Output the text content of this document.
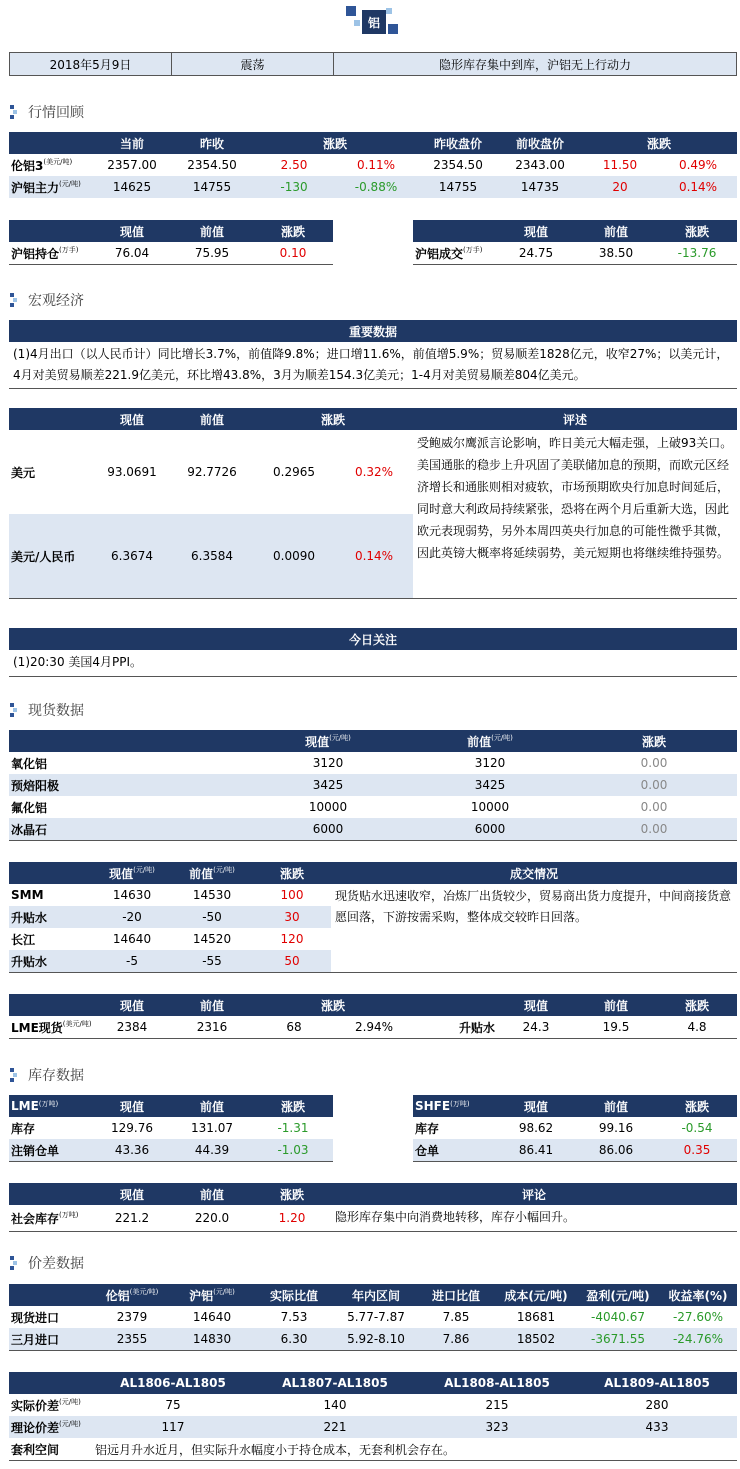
铝
2018年5月9日	震荡	隐形库存集中到库，沪铝无上行动力
行情回顾
	当前	昨收	涨跌		昨收盘价	前收盘价	涨跌	
伦铝$3^{(美元/吨)}$	2357.00	2354.50	2.50	0.11%	2354.50	2343.00	11.50	0.49%
沪铝主力$^{(元/吨)}$	14625	14755	-130	-0.88%	14755	14735	20	0.14%
	现值	前值	涨跌
沪铝持仓$^{(万手)}$	76.04	75.95	0.10
	现值	前值	涨跌
沪铝成交$^{(万手)}$	24.75	38.50	-13.76
宏观经济
重要数据
(1)4月出口（以人民币计）同比增长3.7%，前值降9.8%；进口增11.6%，前值增5.9%；贸易顺差1828亿元，收窄27%；以美元计，4月对美贸易顺差221.9亿美元，环比增43.8%，3月为顺差154.3亿美元；1-4月对美贸易顺差804亿美元。
	现值	前值	涨跌		评述
美元	93.0691	92.7726	0.2965	0.32%	受鲍威尔鹰派言论影响，昨日美元大幅走强，上破93关口。美国通胀的稳步上升巩固了美联储加息的预期，而欧元区经济增长和通胀则相对疲软，市场预期欧央行加息时间延后，同时意大利政局持续紧张，恐将在两个月后重新大选，因此欧元表现弱势，另外本周四英央行加息的可能性微乎其微，因此英镑大概率将延续弱势，美元短期也将继续维持强势。
美元/人民币	6.3674	6.3584	0.0090	0.14%	
今日关注
(1)20:30 美国4月PPI。
现货数据
	现值$^{(元/吨)}$	前值$^{(元/吨)}$	涨跌
氧化铝	3120	3120	0.00
预焙阳极	3425	3425	0.00
氟化铝	10000	10000	0.00
冰晶石	6000	6000	0.00
	现值$^{(元/吨)}$	前值$^{(元/吨)}$	涨跌	成交情况
SMM	14630	14530	100	现货贴水迅速收窄，冶炼厂出货较少，贸易商出货力度提升，中间商接货意愿回落，下游按需采购，整体成交较昨日回落。
升贴水	-20	-50	30	
长江	14640	14520	120	
升贴水	-5	-55	50	
	现值	前值	涨跌			现值	前值	涨跌
LME现货$^{(美元/吨)}$	2384	2316	68	2.94%	升贴水	24.3	19.5	4.8
库存数据
$LME^{(万吨)}$	现值	前值	涨跌
库存	129.76	131.07	-1.31
注销仓单	43.36	44.39	-1.03
$SHFE^{(万吨)}$	现值	前值	涨跌
库存	98.62	99.16	-0.54
仓单	86.41	86.06	0.35
	现值	前值	涨跌	评论
社会库存$^{(万吨)}$	221.2	220.0	1.20	隐形库存集中向消费地转移，库存小幅回升。
价差数据
	伦铝$^{(美元/吨)}$	沪铝$^{(元/吨)}$	实际比值	年内区间	进口比值	成本(元/吨)	盈利(元/吨)	收益率(%)
现货进口	2379	14640	7.53	5.77-7.87	7.85	18681	-4040.67	-27.60%
三月进口	2355	14830	6.30	5.92-8.10	7.86	18502	-3671.55	-24.76%
	AL1806-AL1805	AL1807-AL1805	AL1808-AL1805	AL1809-AL1805
实际价差$^{(元/吨)}$	75	140	215	280
理论价差$^{(元/吨)}$	117	221	323	433
套利空间	铝远月升水近月，但实际升水幅度小于持仓成本，无套利机会存在。			
